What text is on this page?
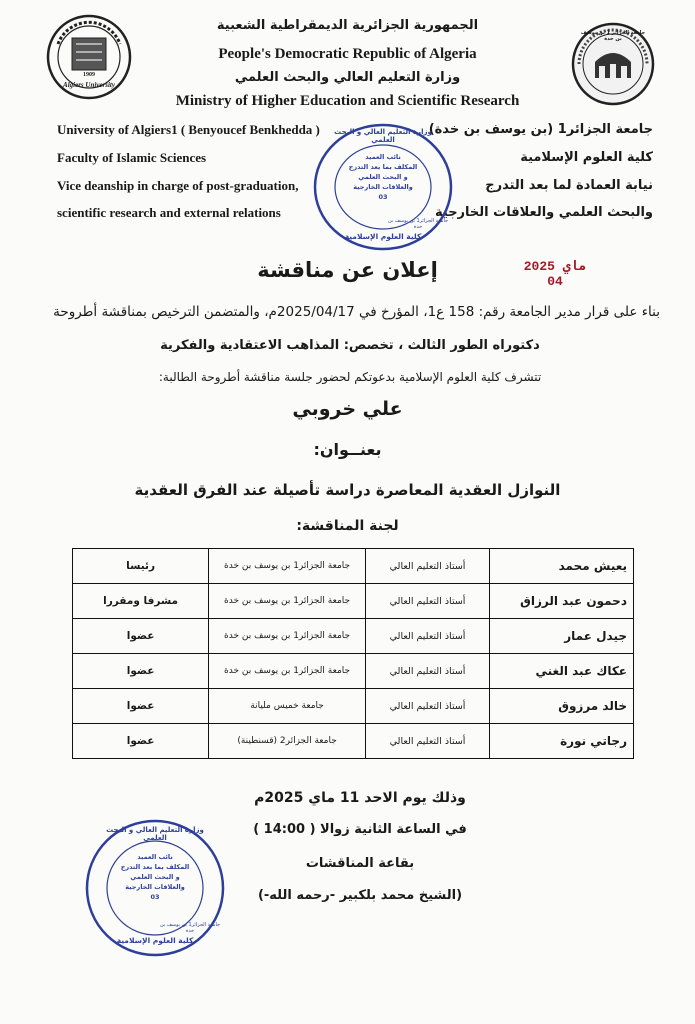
الجمهورية الجزائرية الديمقراطية الشعبية
People's Democratic Republic of Algeria
وزارة التعليم العالي والبحث العلمي
Ministry of Higher Education and Scientific Research
1909
Algiers University
جامعة الجزائر 1 بن يوسف بن خدة
University of Algiers1 ( Benyoucef Benkhedda )
Faculty of Islamic Sciences
Vice deanship in charge of post-graduation,
scientific research and external relations
جامعة الجزائر1 (بن يوسف بن خدة)
كلية العلوم الإسلامية
نيابة العمادة لما بعد التدرج
والبحث العلمي والعلاقات الخارجية
نائب العميد
المكلف بما بعد التدرج
و البحث العلمي
والعلاقات الخارجية
03
وزارة التعليم العالي و البحث العلمي
كلية العلوم الإسلامية
جامعة الجزائر1 بن يوسف بن خدة
2025 ماي 04
إعلان عن مناقشة
بناء على قرار مدير الجامعة رقم: 158 ع1، المؤرخ في 2025/04/17م، والمتضمن الترخيص بمناقشة أطروحة
دكتوراه الطور الثالث ، تخصص: المذاهب الاعتقادية والفكرية
تتشرف كلية العلوم الإسلامية بدعوتكم لحضور جلسة مناقشة أطروحة الطالبة:
علي خروبي
بعنــوان:
النوازل العقدية المعاصرة دراسة تأصيلة عند الفرق العقدية
لجنة المناقشة:
يعيش محمد	أستاذ التعليم العالي	جامعة الجزائر1 بن يوسف بن خدة	رئيسا
دحمون عبد الرزاق	أستاذ التعليم العالي	جامعة الجزائر1 بن يوسف بن خدة	مشرفا ومقررا
جيدل عمار	أستاذ التعليم العالي	جامعة الجزائر1 بن يوسف بن خدة	عضوا
عكاك عبد الغني	أستاذ التعليم العالي	جامعة الجزائر1 بن يوسف بن خدة	عضوا
خالد مرزوق	أستاذ التعليم العالي	جامعة خميس مليانة	عضوا
رجاتي نورة	أستاذ التعليم العالي	جامعة الجزائر2 (قسنطينة)	عضوا
وذلك يوم الاحد 11 ماي 2025م
في الساعة الثانية زوالا ( 14:00 )
بقاعة المناقشات
(الشيخ محمد بلكبير -رحمه الله-)
نائب العميد
المكلف بما بعد التدرج
و البحث العلمي
والعلاقات الخارجية
03
وزارة التعليم العالي و البحث العلمي
كلية العلوم الإسلامية
جامعة الجزائر1 بن يوسف بن خدة
